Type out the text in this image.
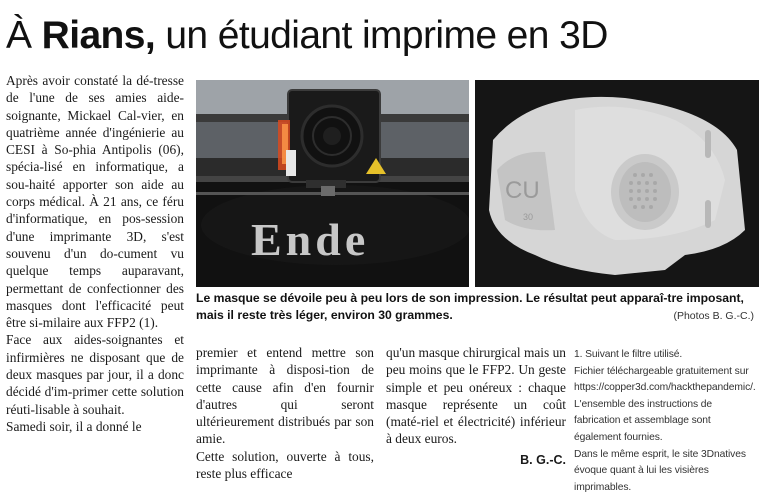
À Rians, un étudiant imprime en 3D

Après avoir constaté la dé-tresse de l'une de ses amies aide-soignante, Mickael Cal-vier, en quatrième année d'ingénierie au CESI à So-phia Antipolis (06), spécia-lisé en informatique, a sou-haité apporter son aide au corps médical. À 21 ans, ce féru d'informatique, en pos-session d'une imprimante 3D, s'est souvenu d'un do-cument vu quelque temps auparavant, permettant de confectionner des masques dont l'efficacité peut être si-milaire aux FFP2 (1).

Face aux aides-soignantes et infirmières ne disposant que de deux masques par jour, il a donc décidé d'im-primer cette solution réuti-lisable à souhait.

Samedi soir, il a donné le

Ende
CU
30
Le masque se dévoile peu à peu lors de son impression. Le résultat peut apparaî-tre imposant, mais il reste très léger, environ 30 grammes.	(Photos B. G.-C.)

premier et entend mettre son imprimante à disposi-tion de cette cause afin d'en fournir d'autres qui seront ultérieurement distribués par son amie.

Cette solution, ouverte à tous, reste plus efficace

qu'un masque chirurgical mais un peu moins que le FFP2. Un geste simple et peu onéreux : chaque masque représente un coût (maté-riel et électricité) inférieur à deux euros.

B. G.-C.
1. Suivant le filtre utilisé.
Fichier téléchargeable gratuitement sur https://copper3d.com/hackthepandemic/.
L'ensemble des instructions de fabrication et assemblage sont également fournies.
Dans le même esprit, le site 3Dnatives évoque quant à lui les visières imprimables.
